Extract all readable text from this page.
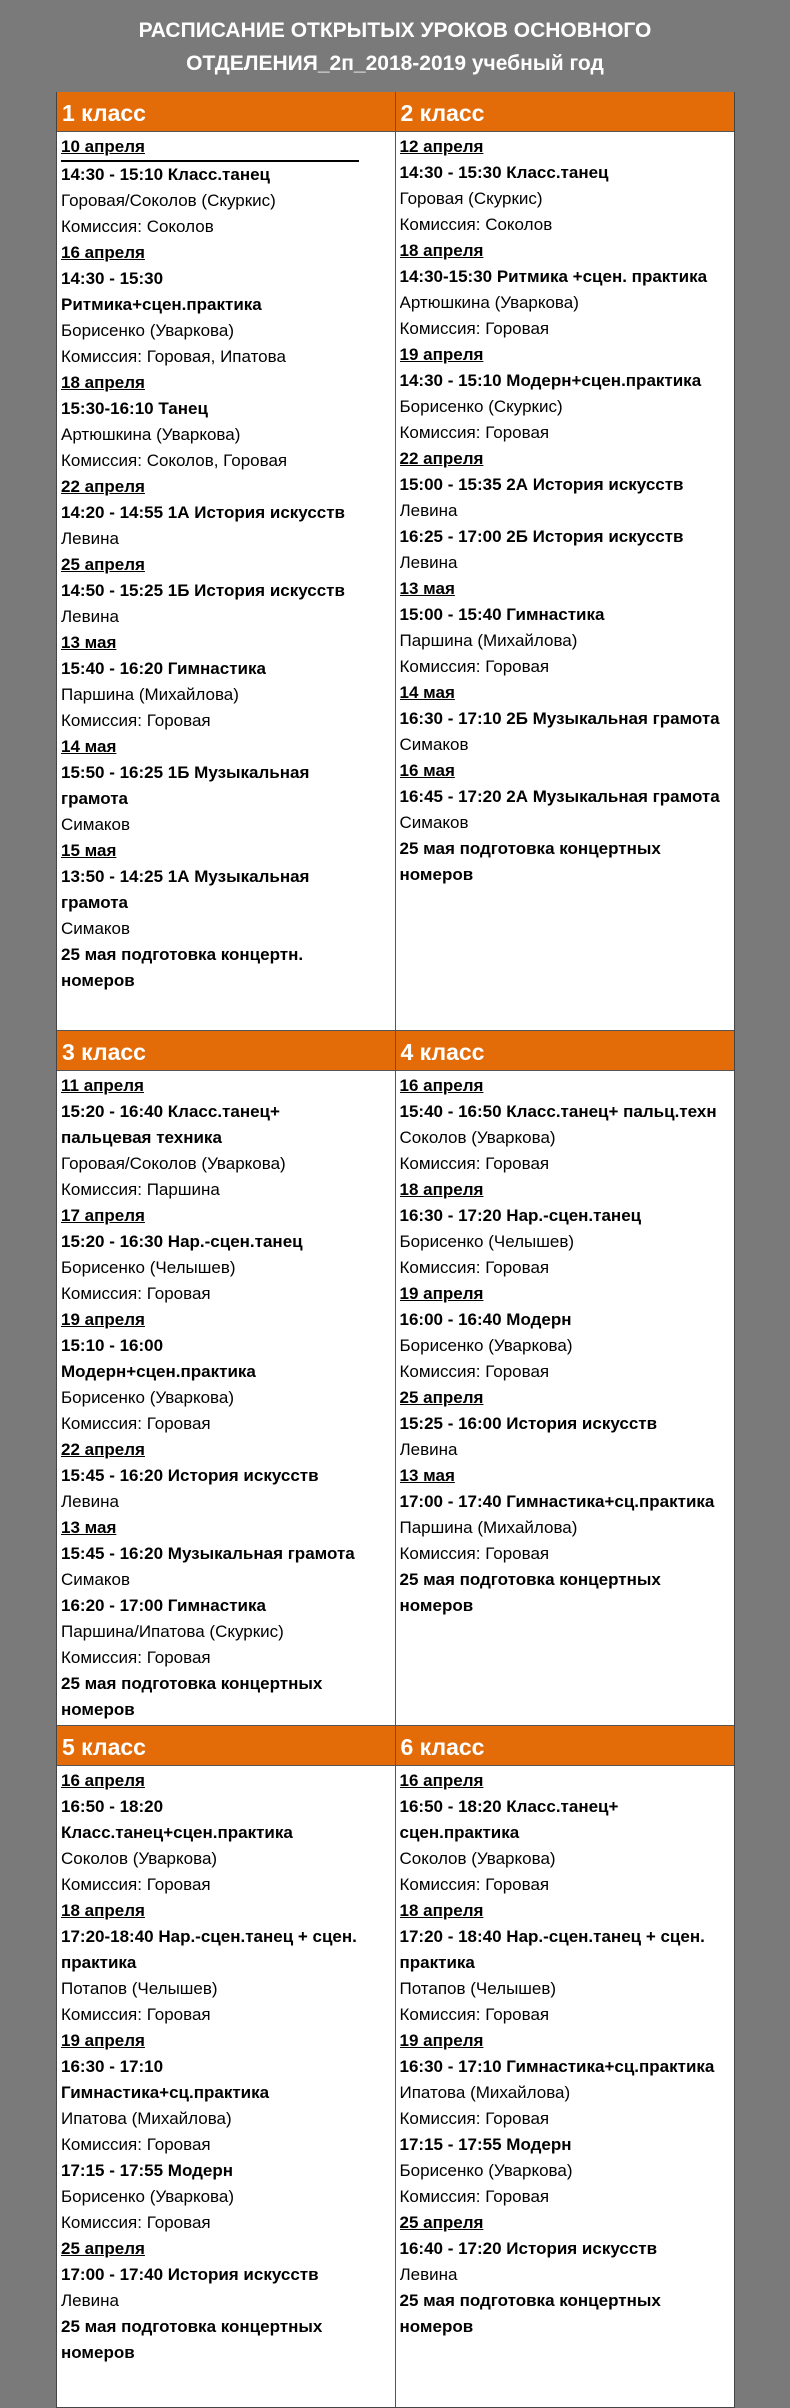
РАСПИСАНИЕ ОТКРЫТЫХ УРОКОВ ОСНОВНОГО
ОТДЕЛЕНИЯ_2п_2018-2019 учебный год
1 класс
10 апреля
14:30 - 15:10 Класс.танец
Горовая/Соколов (Скуркис)
Комиссия: Соколов
16 апреля
14:30 - 15:30
Ритмика+сцен.практика
Борисенко (Уваркова)
Комиссия: Горовая, Ипатова
18 апреля
15:30-16:10 Танец
Артюшкина (Уваркова)
Комиссия: Соколов, Горовая
22 апреля
14:20 - 14:55 1А История искусств
Левина
25 апреля
14:50 - 15:25 1Б История искусств
Левина
13 мая
15:40 - 16:20 Гимнастика
Паршина (Михайлова)
Комиссия: Горовая
14 мая
15:50 - 16:25 1Б Музыкальная
грамота
Симаков
15 мая
13:50 - 14:25 1А Музыкальная
грамота
Симаков
25 мая подготовка концертн.
номеров
2 класс
12 апреля
14:30 - 15:30 Класс.танец
Горовая (Скуркис)
Комиссия: Соколов
18 апреля
14:30-15:30 Ритмика +сцен. практика
Артюшкина (Уваркова)
Комиссия: Горовая
19 апреля
14:30 - 15:10 Модерн+сцен.практика
Борисенко (Скуркис)
Комиссия: Горовая
22 апреля
15:00 - 15:35 2А История искусств
Левина
16:25 - 17:00 2Б История искусств
Левина
13 мая
15:00 - 15:40 Гимнастика
Паршина (Михайлова)
Комиссия: Горовая
14 мая
16:30 - 17:10 2Б Музыкальная грамота
Симаков
16 мая
16:45 - 17:20 2А Музыкальная грамота
Симаков
25 мая подготовка концертных
номеров
3 класс
11 апреля
15:20 - 16:40 Класс.танец+
пальцевая техника
Горовая/Соколов (Уваркова)
Комиссия: Паршина
17 апреля
15:20 - 16:30 Нар.-сцен.танец
Борисенко (Челышев)
Комиссия: Горовая
19 апреля
15:10 - 16:00
Модерн+сцен.практика
Борисенко (Уваркова)
Комиссия: Горовая
22 апреля
15:45 - 16:20 История искусств
Левина
13 мая
15:45 - 16:20 Музыкальная грамота
Симаков
16:20 - 17:00 Гимнастика
Паршина/Ипатова (Скуркис)
Комиссия: Горовая
25 мая подготовка концертных
номеров
4 класс
16 апреля
15:40 - 16:50 Класс.танец+ пальц.техн
Соколов (Уваркова)
Комиссия: Горовая
18 апреля
16:30 - 17:20 Нар.-сцен.танец
Борисенко (Челышев)
Комиссия: Горовая
19 апреля
16:00 - 16:40 Модерн
Борисенко (Уваркова)
Комиссия: Горовая
25 апреля
15:25 - 16:00 История искусств
Левина
13 мая
17:00 - 17:40 Гимнастика+сц.практика
Паршина (Михайлова)
Комиссия: Горовая
25 мая подготовка концертных
номеров
5 класс
16 апреля
16:50 - 18:20
Класс.танец+сцен.практика
Соколов (Уваркова)
Комиссия: Горовая
18 апреля
17:20-18:40 Нар.-сцен.танец + сцен.
практика
Потапов (Челышев)
Комиссия: Горовая
19 апреля
16:30 - 17:10
Гимнастика+сц.практика
Ипатова (Михайлова)
Комиссия: Горовая
17:15 - 17:55 Модерн
Борисенко (Уваркова)
Комиссия: Горовая
25 апреля
17:00 - 17:40 История искусств
Левина
25 мая подготовка концертных
номеров
6 класс
16 апреля
16:50 - 18:20 Класс.танец+
сцен.практика
Соколов (Уваркова)
Комиссия: Горовая
18 апреля
17:20 - 18:40 Нар.-сцен.танец + сцен.
практика
Потапов (Челышев)
Комиссия: Горовая
19 апреля
16:30 - 17:10 Гимнастика+сц.практика
Ипатова (Михайлова)
Комиссия: Горовая
17:15 - 17:55 Модерн
Борисенко (Уваркова)
Комиссия: Горовая
25 апреля
16:40 - 17:20 История искусств
Левина
25 мая подготовка концертных
номеров
